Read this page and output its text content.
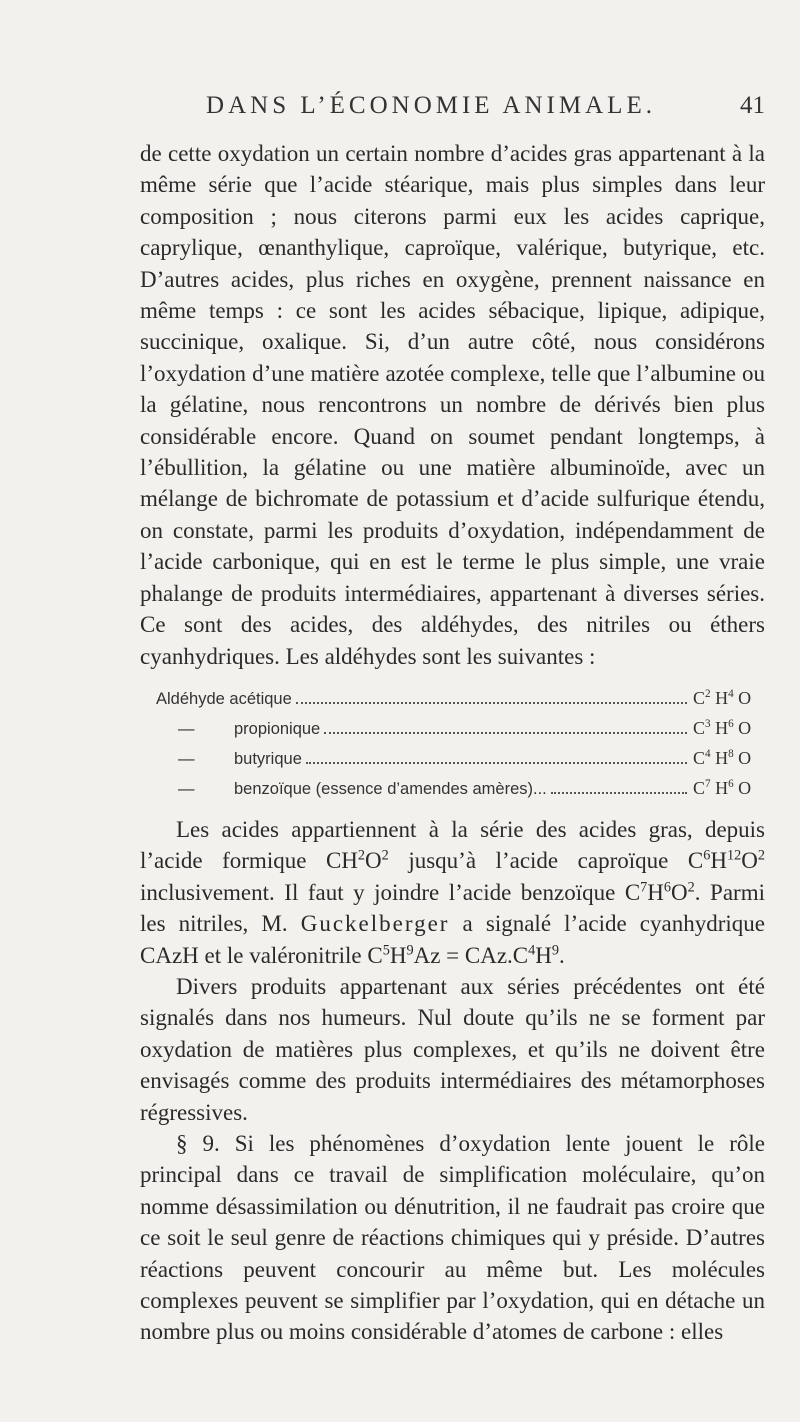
DANS L’ÉCONOMIE ANIMALE.	41

de cette oxydation un certain nombre d’acides gras appartenant à la même série que l’acide stéarique, mais plus simples dans leur composition ; nous citerons parmi eux les acides caprique, caprylique, œnanthylique, caproïque, valérique, butyrique, etc. D’autres acides, plus riches en oxygène, prennent naissance en même temps : ce sont les acides sébacique, lipique, adipique, succinique, oxalique. Si, d’un autre côté, nous considérons l’oxydation d’une matière azotée complexe, telle que l’albumine ou la gélatine, nous rencontrons un nombre de dérivés bien plus considérable encore. Quand on soumet pendant longtemps, à l’ébullition, la gélatine ou une matière albuminoïde, avec un mélange de bichromate de potassium et d’acide sulfurique étendu, on constate, parmi les produits d’oxydation, indépendamment de l’acide carbonique, qui en est le terme le plus simple, une vraie phalange de produits intermédiaires, appartenant à diverses séries. Ce sont des acides, des aldéhydes, des nitriles ou éthers cyanhydriques. Les aldéhydes sont les suivantes :

Aldéhyde acétique	$C^2$ $H^4$ O
— propionique	$C^3$ $H^6$ O
— butyrique	$C^4$ $H^8$ O
— benzoïque (essence d’amendes amères)...	$C^7$ $H^6$ O

Les acides appartiennent à la série des acides gras, depuis l’acide formique $CH^2O^2$ jusqu’à l’acide caproïque $C^6H^{12}O^2$ inclusivement. Il faut y joindre l’acide benzoïque $C^7H^6O^2$. Parmi les nitriles, M. Guckelberger a signalé l’acide cyanhydrique CAzH et le valéronitrile $C^5H^9Az = CAz.C^4H^9$.

Divers produits appartenant aux séries précédentes ont été signalés dans nos humeurs. Nul doute qu’ils ne se forment par oxydation de matières plus complexes, et qu’ils ne doivent être envisagés comme des produits intermédiaires des métamorphoses régressives.

§ 9. Si les phénomènes d’oxydation lente jouent le rôle principal dans ce travail de simplification moléculaire, qu’on nomme désassimilation ou dénutrition, il ne faudrait pas croire que ce soit le seul genre de réactions chimiques qui y préside. D’autres réactions peuvent concourir au même but. Les molécules complexes peuvent se simplifier par l’oxydation, qui en détache un nombre plus ou moins considérable d’atomes de carbone : elles
